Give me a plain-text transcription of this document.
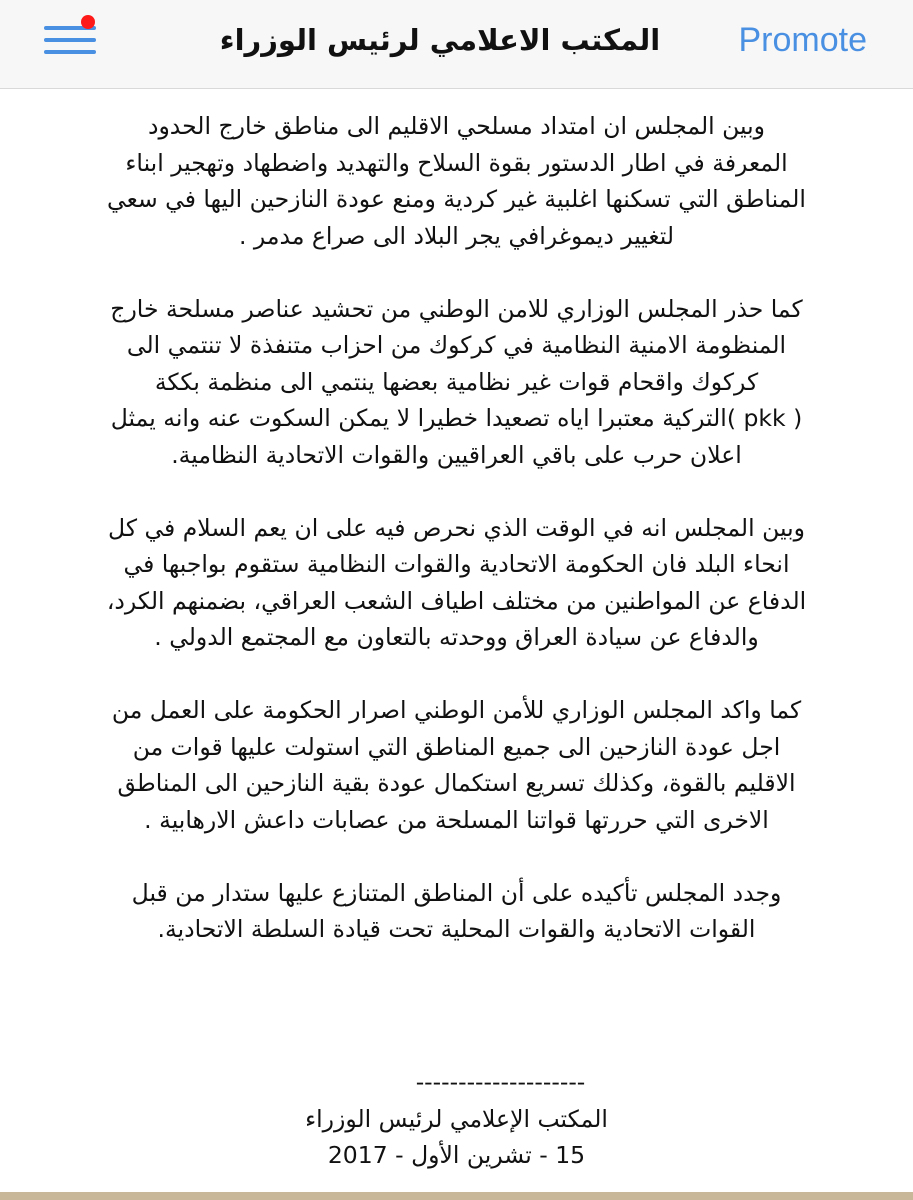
المكتب الاعلامي لرئيس الوزراء	Promote
وبين المجلس ان امتداد مسلحي الاقليم الى مناطق خارج الحدود
المعرفة في اطار الدستور بقوة السلاح والتهديد واضطهاد وتهجير ابناء
المناطق التي تسكنها اغلبية غير كردية ومنع عودة النازحين اليها في سعي
لتغيير ديموغرافي يجر البلاد الى صراع مدمر .
كما حذر المجلس الوزاري للامن الوطني من تحشيد عناصر مسلحة خارج
المنظومة الامنية النظامية في كركوك من احزاب متنفذة لا تنتمي الى
كركوك واقحام قوات غير نظامية بعضها ينتمي الى منظمة بككة
( pkk )التركية معتبرا اياه تصعيدا خطيرا لا يمكن السكوت عنه وانه يمثل
اعلان حرب على باقي العراقيين والقوات الاتحادية النظامية.
وبين المجلس انه في الوقت الذي نحرص فيه على ان يعم السلام في كل
انحاء البلد فان الحكومة الاتحادية والقوات النظامية ستقوم بواجبها في
الدفاع عن المواطنين من مختلف اطياف الشعب العراقي، بضمنهم الكرد،
والدفاع عن سيادة العراق ووحدته بالتعاون مع المجتمع الدولي .
كما واكد المجلس الوزاري للأمن الوطني اصرار الحكومة على العمل من
اجل عودة النازحين الى جميع المناطق التي استولت عليها قوات من
الاقليم بالقوة، وكذلك تسريع استكمال عودة بقية النازحين الى المناطق
الاخرى التي حررتها قواتنا المسلحة من عصابات داعش الارهابية .
وجدد المجلس تأكيده على أن المناطق المتنازع عليها ستدار من قبل
القوات الاتحادية والقوات المحلية تحت قيادة السلطة الاتحادية.
--------------------
المكتب الإعلامي لرئيس الوزراء
15 - تشرين الأول - 2017
